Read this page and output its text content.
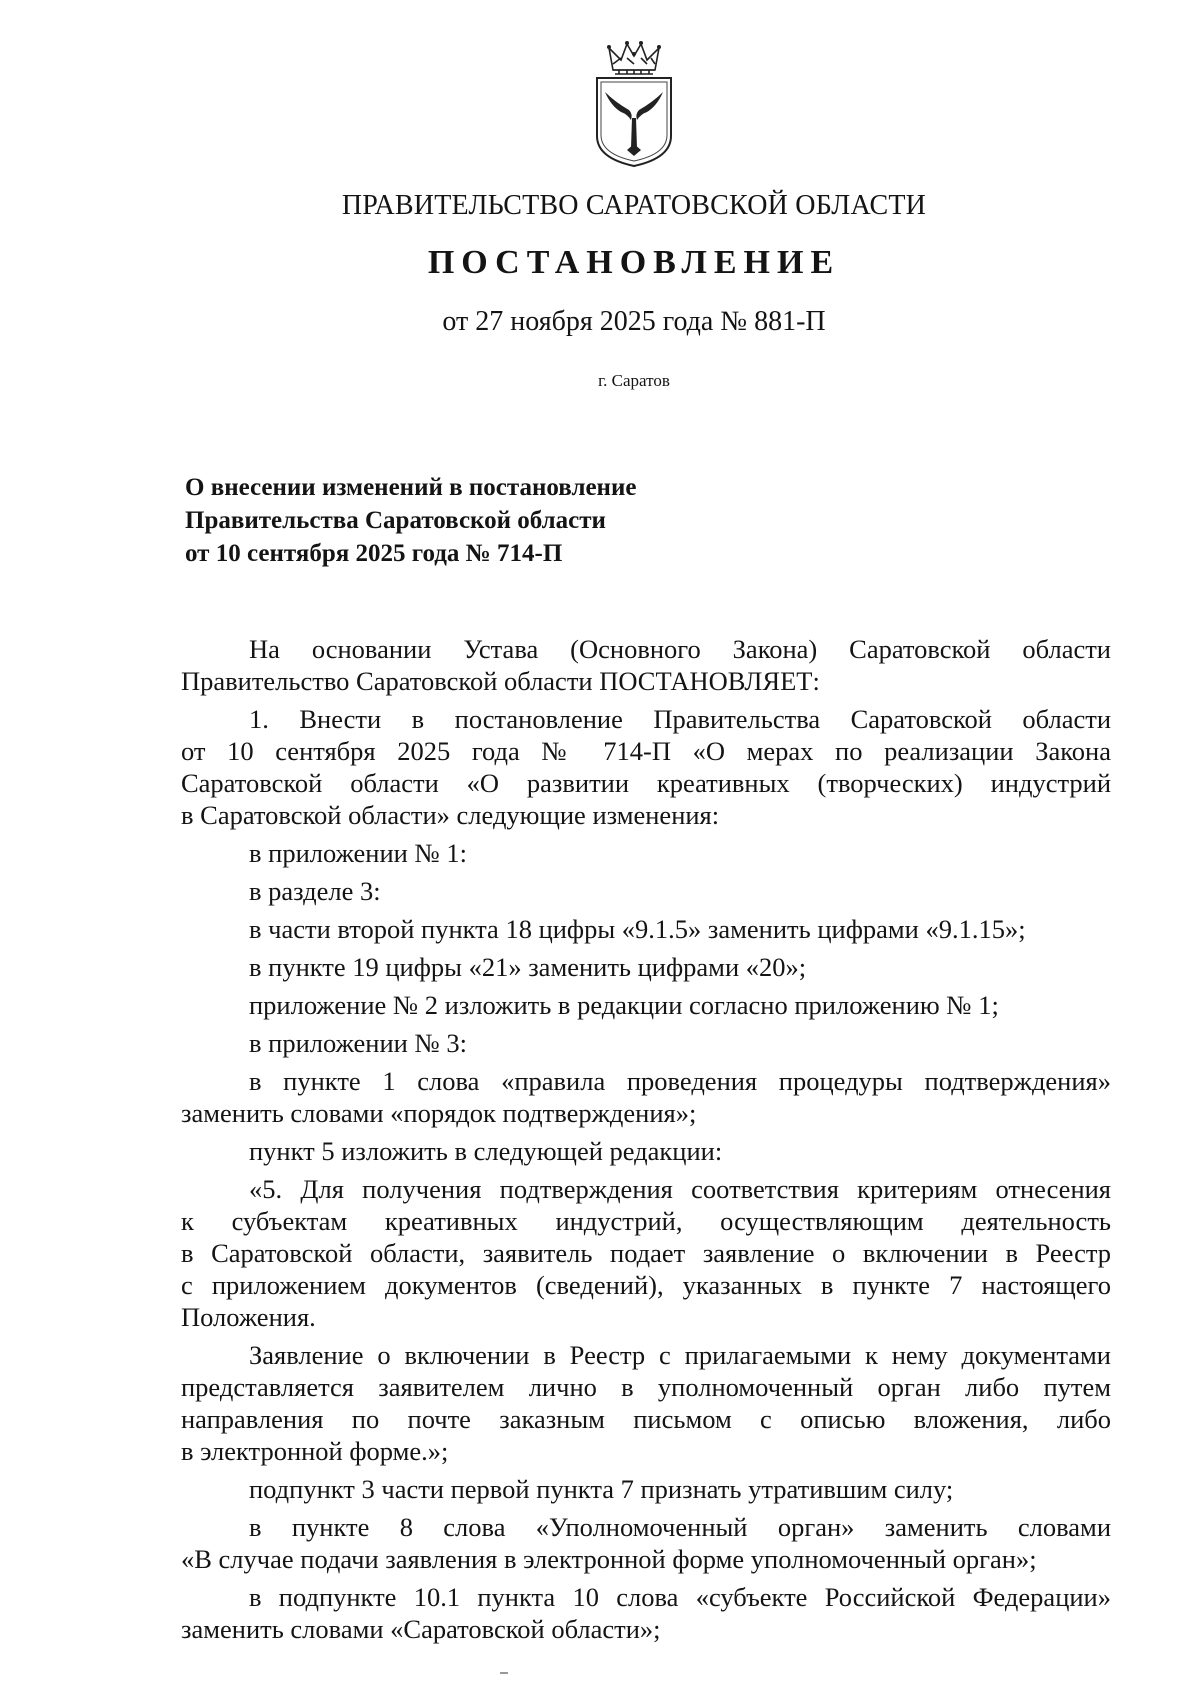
ПРАВИТЕЛЬСТВО САРАТОВСКОЙ ОБЛАСТИ
ПОСТАНОВЛЕНИЕ
от 27 ноября 2025 года № 881-П
г. Саратов
О внесении изменений в постановление
Правительства Саратовской области
от 10 сентября 2025 года № 714-П

На основании Устава (Основного Закона) Саратовской области

Правительство Саратовской области ПОСТАНОВЛЯЕТ:

1. Внести в постановление Правительства Саратовской области

от 10 сентября 2025 года № 714-П «О мерах по реализации Закона

Саратовской области «О развитии креативных (творческих) индустрий

в Саратовской области» следующие изменения:

в приложении № 1:

в разделе 3:

в части второй пункта 18 цифры «9.1.5» заменить цифрами «9.1.15»;

в пункте 19 цифры «21» заменить цифрами «20»;

приложение № 2 изложить в редакции согласно приложению № 1;

в приложении № 3:

в пункте 1 слова «правила проведения процедуры подтверждения»

заменить словами «порядок подтверждения»;

пункт 5 изложить в следующей редакции:

«5. Для получения подтверждения соответствия критериям отнесения

к субъектам креативных индустрий, осуществляющим деятельность

в Саратовской области, заявитель подает заявление о включении в Реестр

с приложением документов (сведений), указанных в пункте 7 настоящего

Положения.

Заявление о включении в Реестр с прилагаемыми к нему документами

представляется заявителем лично в уполномоченный орган либо путем

направления по почте заказным письмом с описью вложения, либо

в электронной форме.»;

подпункт 3 части первой пункта 7 признать утратившим силу;

в пункте 8 слова «Уполномоченный орган» заменить словами

«В случае подачи заявления в электронной форме уполномоченный орган»;

в подпункте 10.1 пункта 10 слова «субъекте Российской Федерации»

заменить словами «Саратовской области»;
